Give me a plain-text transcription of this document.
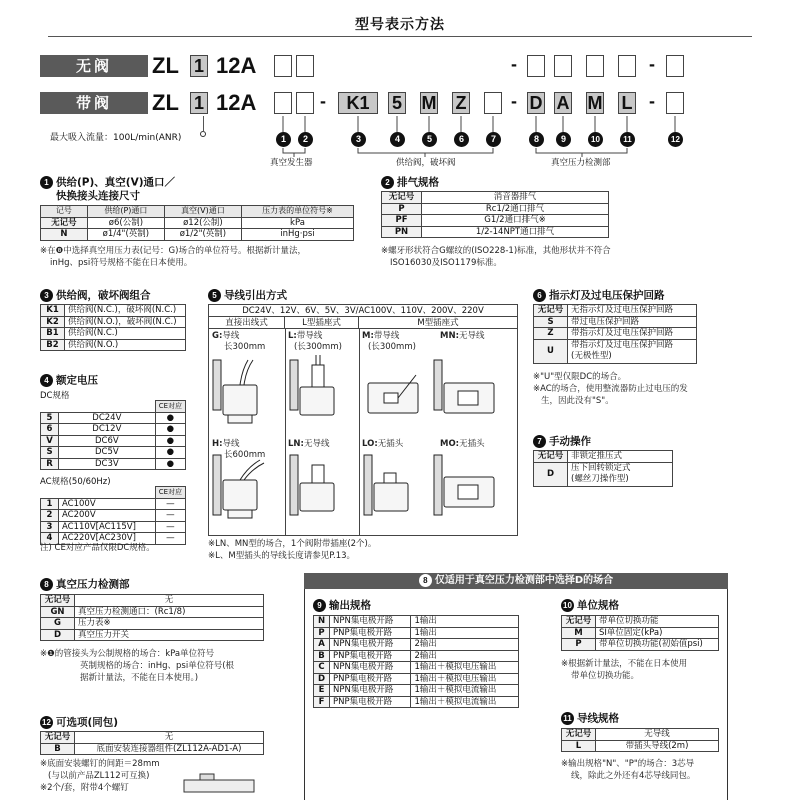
型号表示方法
无阀	ZL 1 12A	-	-
带阀	ZL 1 12A	-	K1	5 M Z - D A M L -
最大吸入流量：100L/min(ANR)	1	2	3	4	5	6	7	8	9	10	11	12
真空发生器	供给阀，破坏阀	真空压力检测部
1 供给(P)、真空(V)通口／
快换接头连接尺寸
记号	供给(P)通口	真空(V)通口	压力表的单位符号※
无记号	ø6(公制)	ø12(公制)	kPa
N	ø1/4"(英制)	ø1/2"(英制)	inHg·psi
※在❽中选择真空用压力表(记号：G)场合的单位符号。根据新计量法，
inHg、psi符号规格不能在日本使用。
2 排气规格
无记号	消音器排气
P	Rc1/2通口排气
PF	G1/2通口排气※
PN	1/2-14NPT通口排气
※螺牙形状符合G螺纹的(ISO228-1)标准，其他形状并不符合
ISO16030及ISO1179标准。
3 供给阀，破坏阀组合
K1	供给阀(N.C.)，破坏阀(N.C.)
K2	供给阀(N.O.)，破坏阀(N.C.)
B1	供给阀(N.C.)
B2	供给阀(N.O.)
4 额定电压
DC规格
		CE对应
5	DC24V	●
6	DC12V	●
V	DC6V	●
S	DC5V	●
R	DC3V	●
AC规格(50/60Hz)
		CE对应
1	AC100V	—
2	AC200V	—
3	AC110V[AC115V]	—
4	AC220V[AC230V]	—
注) CE对应产品仅限DC规格。
5 导线引出方式
DC24V、12V、6V、5V、3V/AC100V、110V、200V、220V
直接出线式	L型插座式	M型插座式
G:导线
长300mm
L:带导线
(长300mm)
M:带导线
(长300mm)
MN:无导线
H:导线
长600mm
LN:无导线	LO:无插头	MO:无插头
※LN、MN型的场合，1个阀附带插座(2个)。
※L、M型插头的导线长度请参见P.13。
6 指示灯及过电压保护回路
无记号	无指示灯及过电压保护回路
S	带过电压保护回路
Z	带指示灯及过电压保护回路
U	带指示灯及过电压保护回路
(无极性型)
※"U"型仅限DC的场合。
※AC的场合，使用整流器防止过电压的发
生，因此没有"S"。
7 手动操作
无记号	非锁定推压式
D	压下回转锁定式
(螺丝刀操作型)
8 真空压力检测部
无记号	无
GN	真空压力检测通口：(Rc1/8)
G	压力表※
D	真空压力开关
※❶的管接头为公制规格的场合：kPa单位符号
英制规格的场合：inHg、psi单位符号(根
据新计量法，不能在日本使用。)
12 可选项(同包)
无记号	无
B	底面安装连接器组件(ZL112A-AD1-A)
※底面安装螺钉的间距＝28mm
(与以前产品ZL112可互换)
※2个/套，附带4个螺钉
8 仅适用于真空压力检测部中选择D的场合
9 输出规格
N	NPN集电极开路	1输出
P	PNP集电极开路	1输出
A	NPN集电极开路	2输出
B	PNP集电极开路	2输出
C	NPN集电极开路	1输出＋模拟电压输出
D	PNP集电极开路	1输出＋模拟电压输出
E	NPN集电极开路	1输出＋模拟电流输出
F	PNP集电极开路	1输出＋模拟电流输出
10 单位规格
无记号	带单位切换功能
M	SI单位固定(kPa)
P	带单位切换功能(初始值psi)
※根据新计量法，不能在日本使用
带单位切换功能。
11 导线规格
无记号	无导线
L	带插头导线(2m)
※输出规格"N"、"P"的场合：3芯导
线，除此之外还有4芯导线同包。
